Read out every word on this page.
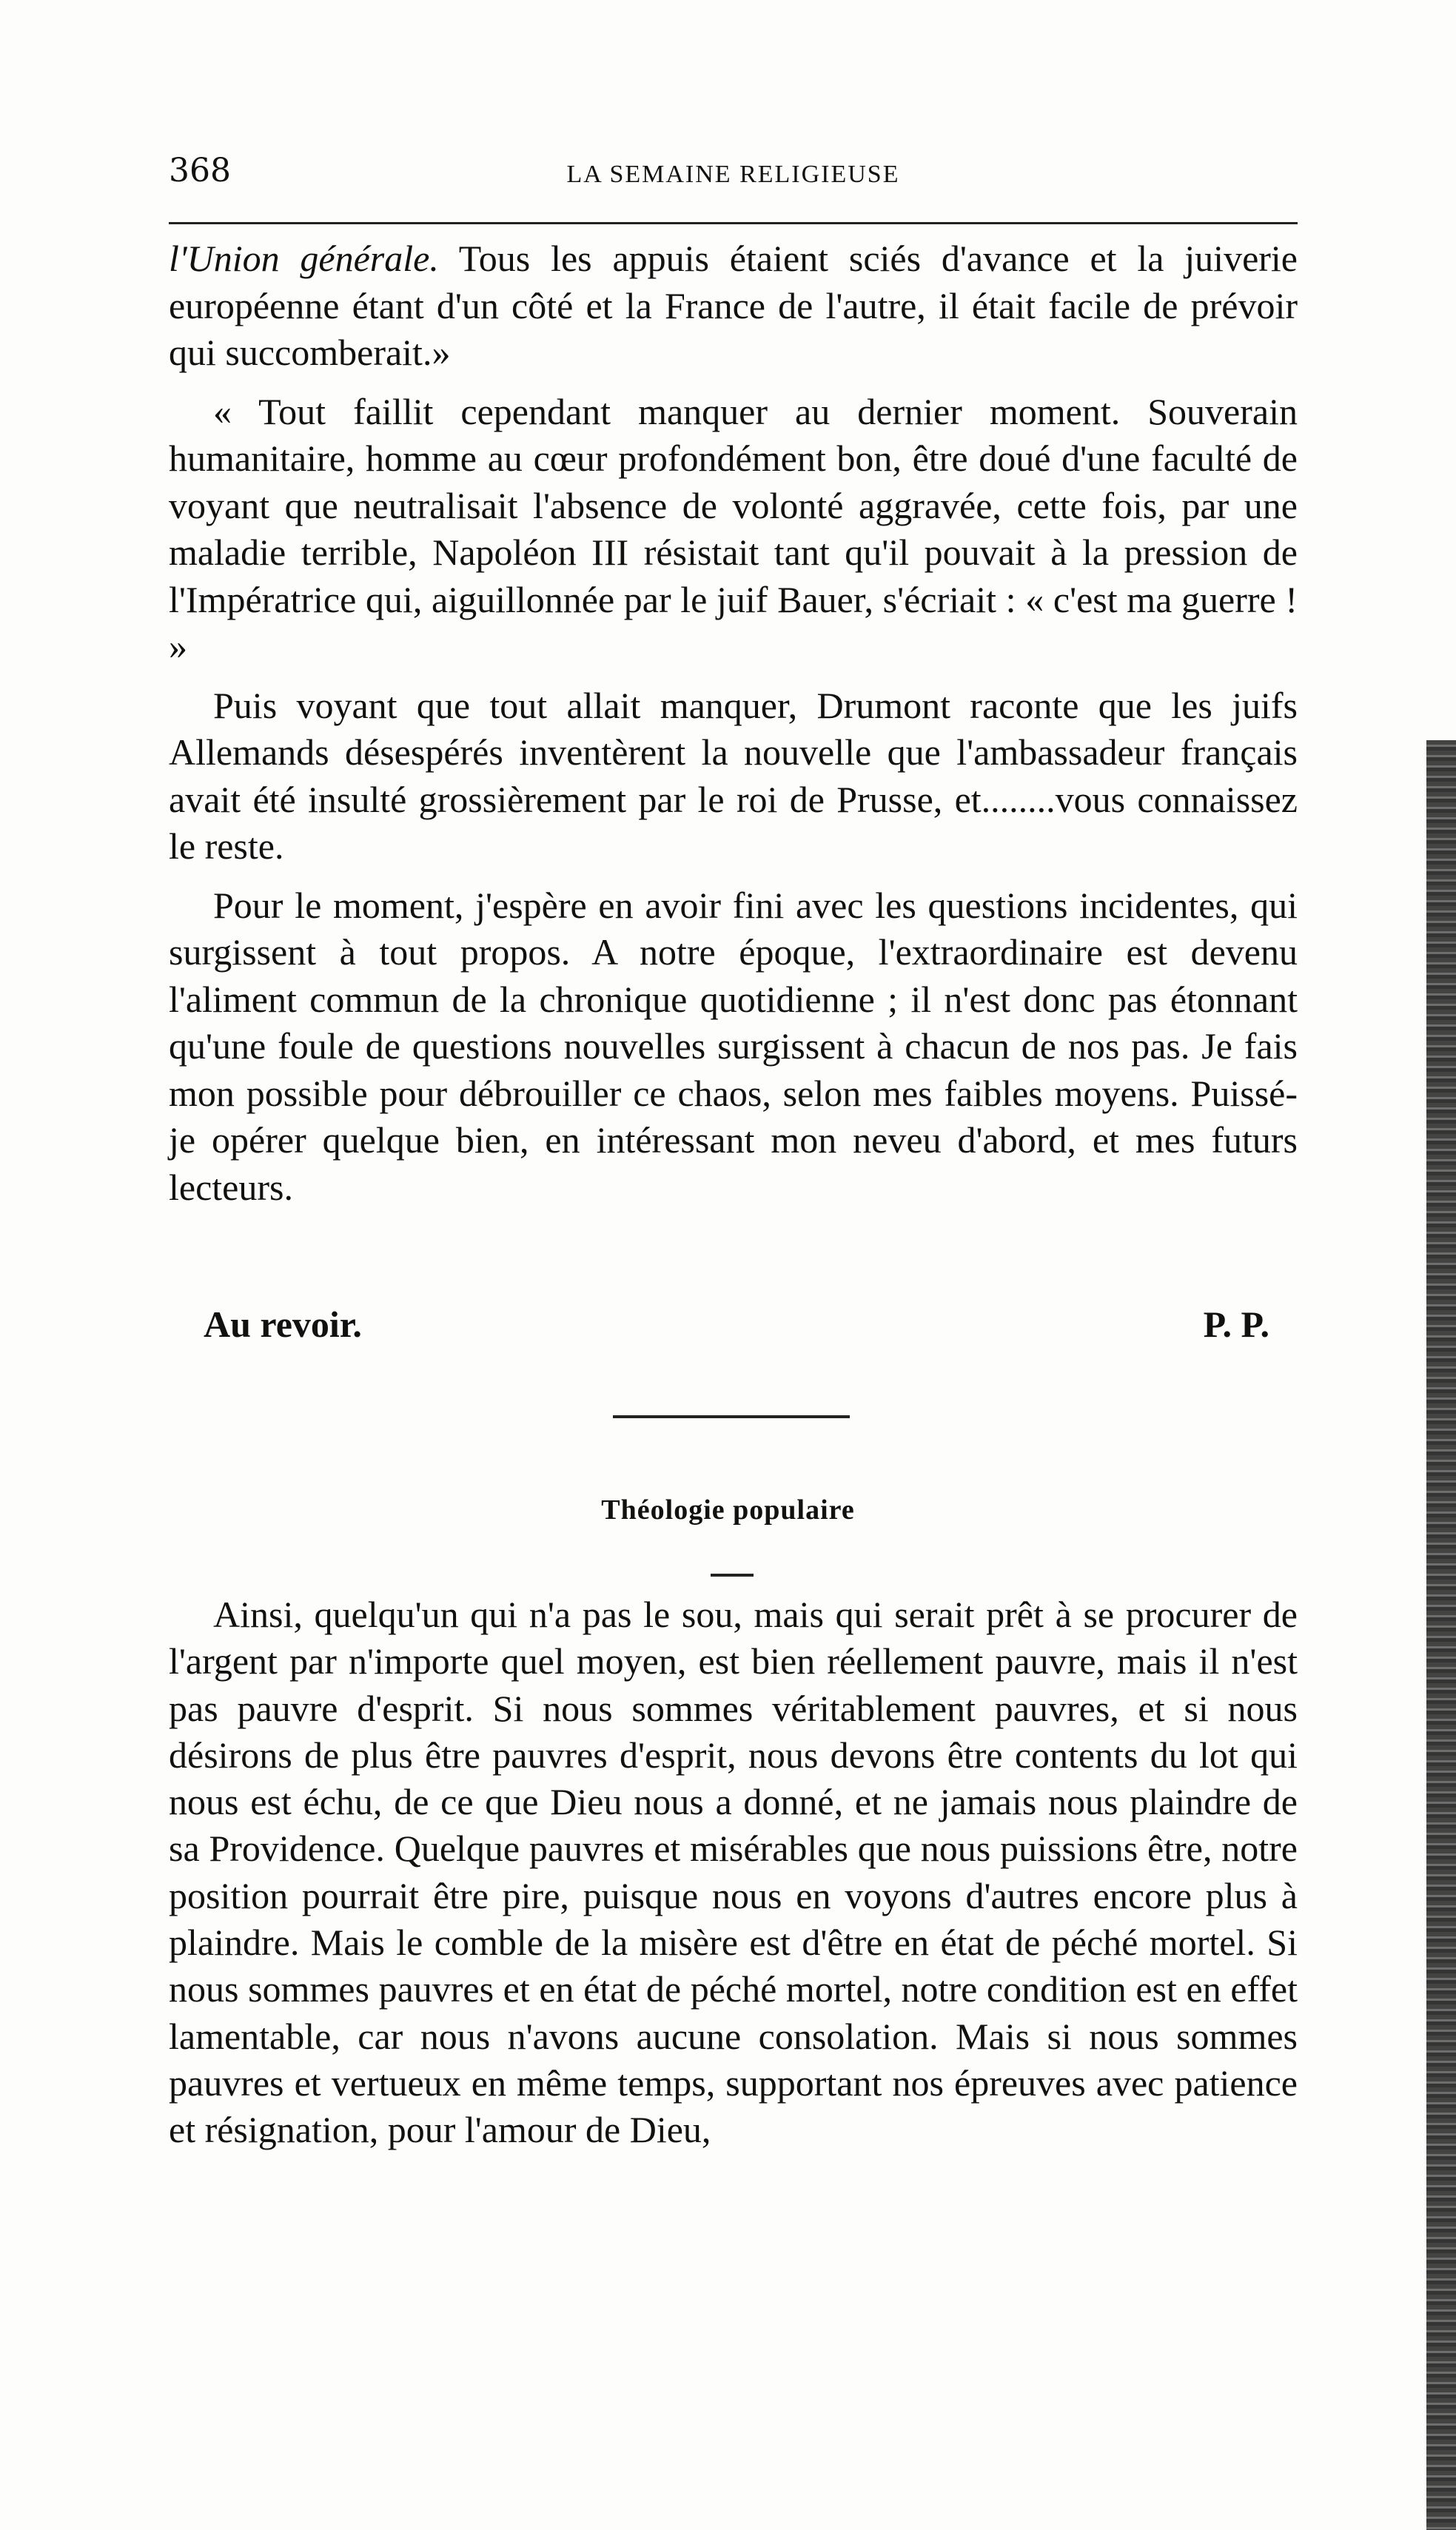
368	LA SEMAINE RELIGIEUSE

l'Union générale. Tous les appuis étaient sciés d'avance et la juiverie européenne étant d'un côté et la France de l'autre, il était facile de prévoir qui succomberait.»

« Tout faillit cependant manquer au dernier moment. Souverain humanitaire, homme au cœur profondément bon, être doué d'une faculté de voyant que neutralisait l'absence de volonté aggravée, cette fois, par une maladie terrible, Napoléon III résistait tant qu'il pouvait à la pression de l'Impératrice qui, aiguillonnée par le juif Bauer, s'écriait : « c'est ma guerre ! »

Puis voyant que tout allait manquer, Drumont raconte que les juifs Allemands désespérés inventèrent la nouvelle que l'ambassadeur français avait été insulté grossièrement par le roi de Prusse, et........vous connaissez le reste.

Pour le moment, j'espère en avoir fini avec les questions incidentes, qui surgissent à tout propos. A notre époque, l'extraordinaire est devenu l'aliment commun de la chronique quotidienne ; il n'est donc pas étonnant qu'une foule de questions nouvelles surgissent à chacun de nos pas. Je fais mon possible pour débrouiller ce chaos, selon mes faibles moyens. Puissé-je opérer quelque bien, en intéressant mon neveu d'abord, et mes futurs lecteurs.

Au revoir.	P. P.
Théologie populaire

Ainsi, quelqu'un qui n'a pas le sou, mais qui serait prêt à se procurer de l'argent par n'importe quel moyen, est bien réellement pauvre, mais il n'est pas pauvre d'esprit. Si nous sommes véritablement pauvres, et si nous désirons de plus être pauvres d'esprit, nous devons être contents du lot qui nous est échu, de ce que Dieu nous a donné, et ne jamais nous plaindre de sa Providence. Quelque pauvres et misérables que nous puissions être, notre position pourrait être pire, puisque nous en voyons d'autres encore plus à plaindre. Mais le comble de la misère est d'être en état de péché mortel. Si nous sommes pauvres et en état de péché mortel, notre condition est en effet lamentable, car nous n'avons aucune consolation. Mais si nous sommes pauvres et vertueux en même temps, supportant nos épreuves avec patience et résignation, pour l'amour de Dieu,
